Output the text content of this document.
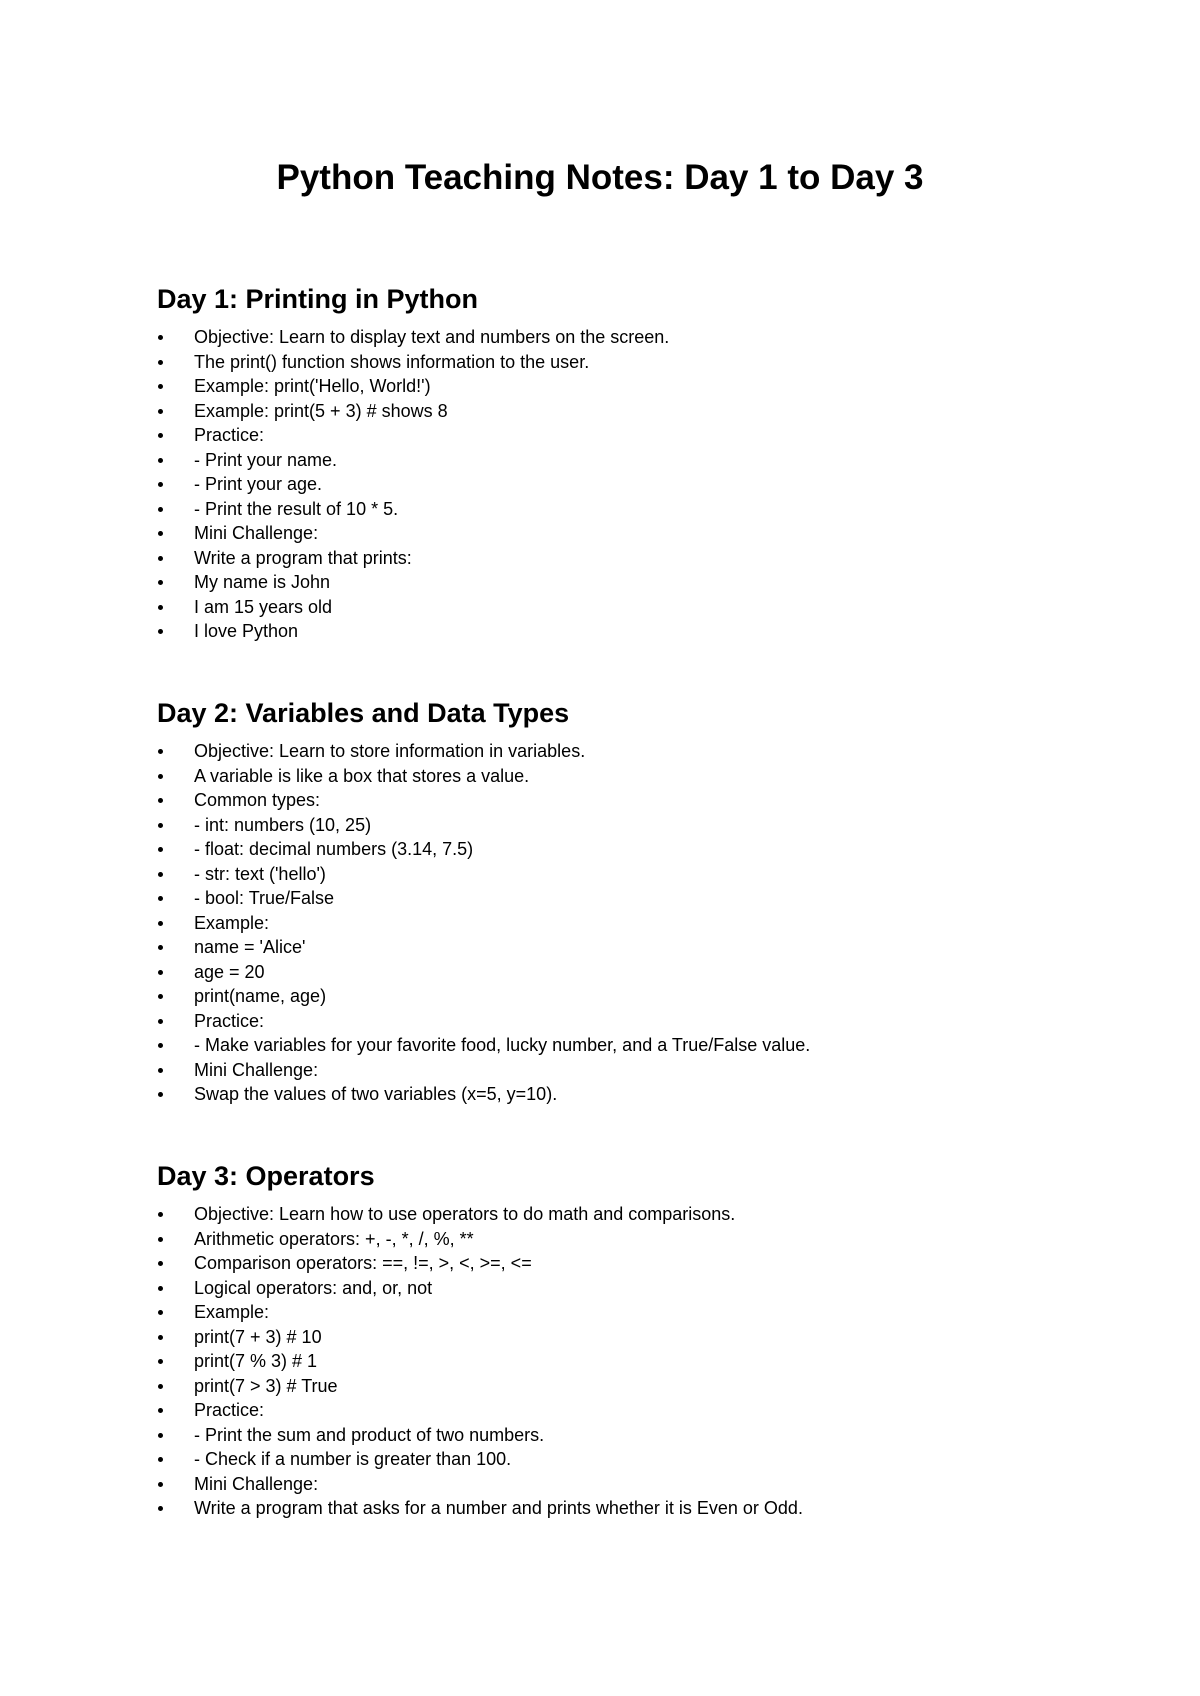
Python Teaching Notes: Day 1 to Day 3
Day 1: Printing in Python
Objective: Learn to display text and numbers on the screen.
The print() function shows information to the user.
Example: print('Hello, World!')
Example: print(5 + 3) # shows 8
Practice:
- Print your name.
- Print your age.
- Print the result of 10 * 5.
Mini Challenge:
Write a program that prints:
My name is John
I am 15 years old
I love Python
Day 2: Variables and Data Types
Objective: Learn to store information in variables.
A variable is like a box that stores a value.
Common types:
- int: numbers (10, 25)
- float: decimal numbers (3.14, 7.5)
- str: text ('hello')
- bool: True/False
Example:
name = 'Alice'
age = 20
print(name, age)
Practice:
- Make variables for your favorite food, lucky number, and a True/False value.
Mini Challenge:
Swap the values of two variables (x=5, y=10).
Day 3: Operators
Objective: Learn how to use operators to do math and comparisons.
Arithmetic operators: +, -, *, /, %, **
Comparison operators: ==, !=, >, <, >=, <=
Logical operators: and, or, not
Example:
print(7 + 3) # 10
print(7 % 3) # 1
print(7 > 3) # True
Practice:
- Print the sum and product of two numbers.
- Check if a number is greater than 100.
Mini Challenge:
Write a program that asks for a number and prints whether it is Even or Odd.
